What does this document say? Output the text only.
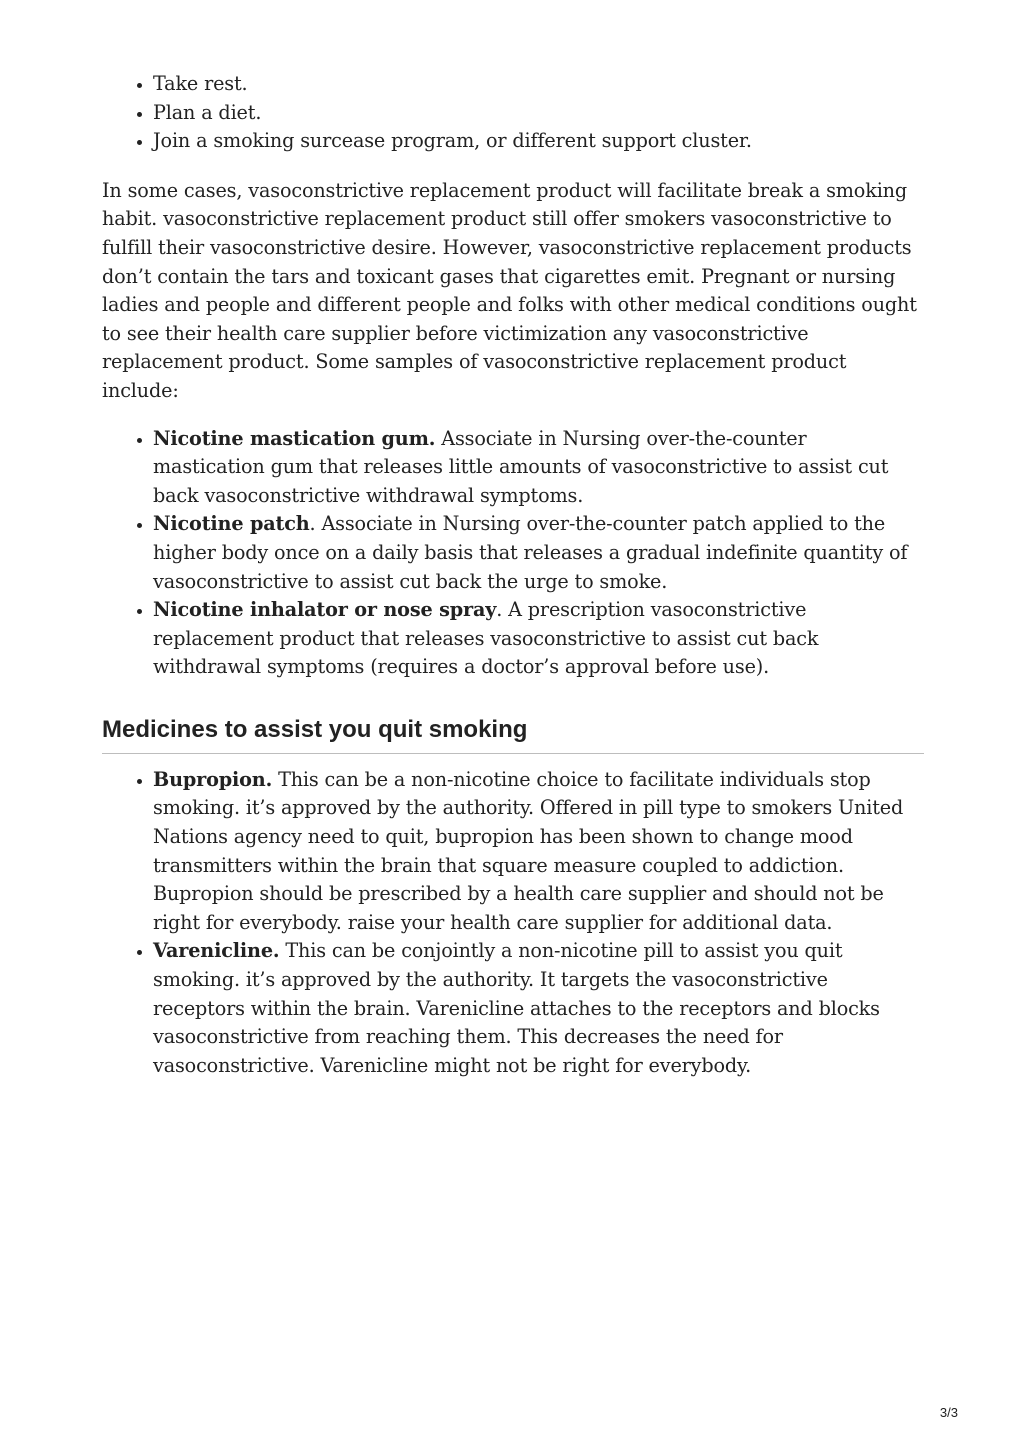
• Take rest.
• Plan a diet.
• Join a smoking surcease program, or different support cluster.

In some cases, vasoconstrictive replacement product will facilitate break a smoking habit. vasoconstrictive replacement product still offer smokers vasoconstrictive to fulfill their vasoconstrictive desire. However, vasoconstrictive replacement products don’t contain the tars and toxicant gases that cigarettes emit. Pregnant or nursing ladies and people and different people and folks with other medical conditions ought to see their health care supplier before victimization any vasoconstrictive replacement product. Some samples of vasoconstrictive replacement product include:

• Nicotine mastication gum. Associate in Nursing over-the-counter mastication gum that releases little amounts of vasoconstrictive to assist cut back vasoconstrictive withdrawal symptoms.
• Nicotine patch. Associate in Nursing over-the-counter patch applied to the higher body once on a daily basis that releases a gradual indefinite quantity of vasoconstrictive to assist cut back the urge to smoke.
• Nicotine inhalator or nose spray. A prescription vasoconstrictive replacement product that releases vasoconstrictive to assist cut back withdrawal symptoms (requires a doctor’s approval before use).
Medicines to assist you quit smoking
• Bupropion. This can be a non-nicotine choice to facilitate individuals stop smoking. it’s approved by the authority. Offered in pill type to smokers United Nations agency need to quit, bupropion has been shown to change mood transmitters within the brain that square measure coupled to addiction. Bupropion should be prescribed by a health care supplier and should not be right for everybody. raise your health care supplier for additional data.
• Varenicline. This can be conjointly a non-nicotine pill to assist you quit smoking. it’s approved by the authority. It targets the vasoconstrictive receptors within the brain. Varenicline attaches to the receptors and blocks vasoconstrictive from reaching them. This decreases the need for vasoconstrictive. Varenicline might not be right for everybody.
3/3
